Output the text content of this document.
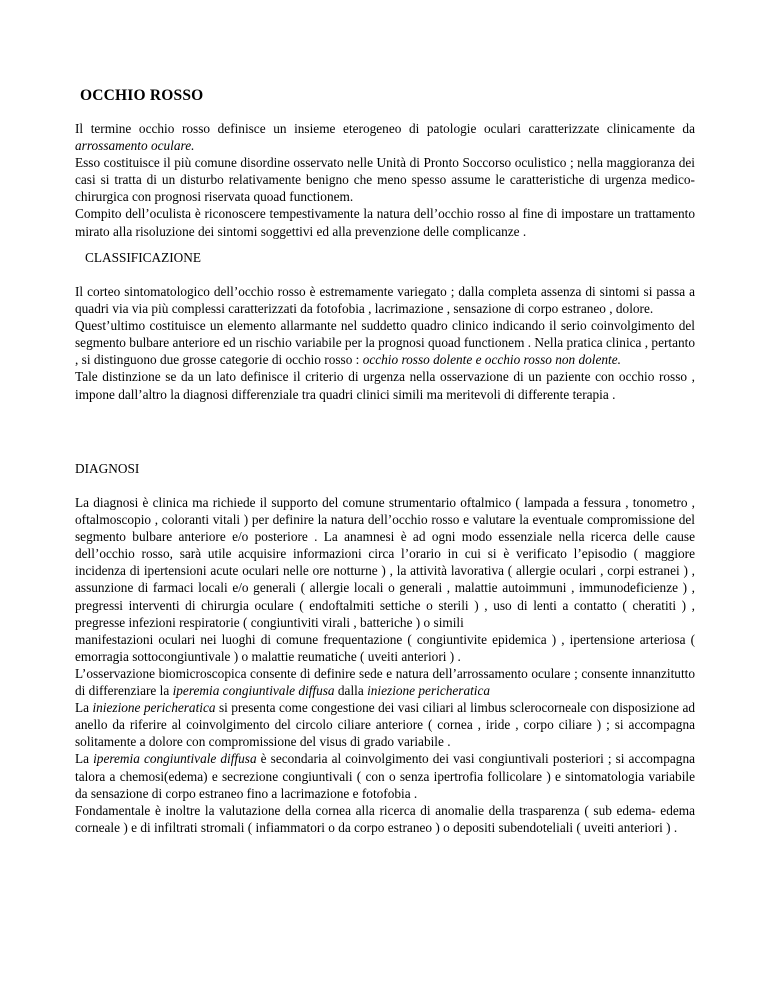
OCCHIO ROSSO
Il termine occhio rosso definisce un insieme eterogeneo di patologie oculari caratterizzate clinicamente da arrossamento oculare.
Esso costituisce il più comune disordine osservato nelle Unità di Pronto Soccorso oculistico ; nella maggioranza dei casi si tratta di un disturbo relativamente benigno che meno spesso assume le caratteristiche di urgenza medico-chirurgica con prognosi riservata quoad functionem.
Compito dell’oculista è riconoscere tempestivamente la natura dell’occhio rosso al fine di impostare un trattamento mirato alla risoluzione dei sintomi soggettivi ed alla prevenzione delle complicanze .
CLASSIFICAZIONE
Il corteo sintomatologico dell’occhio rosso è estremamente variegato ; dalla completa assenza di sintomi si passa a quadri via via più complessi caratterizzati da fotofobia , lacrimazione , sensazione di corpo estraneo , dolore.
Quest’ultimo costituisce un elemento allarmante nel suddetto quadro clinico indicando il serio coinvolgimento del segmento bulbare anteriore ed un rischio variabile per la prognosi quoad functionem . Nella pratica clinica , pertanto , si distinguono due grosse categorie di occhio rosso : occhio rosso dolente e occhio rosso non dolente.
Tale distinzione se da un lato definisce il criterio di urgenza nella osservazione di un paziente con occhio rosso , impone dall’altro la diagnosi differenziale tra quadri clinici simili ma meritevoli di differente terapia .
DIAGNOSI
La diagnosi è clinica ma richiede il supporto del comune strumentario oftalmico ( lampada a fessura , tonometro , oftalmoscopio , coloranti vitali ) per definire la natura dell’occhio rosso e valutare la eventuale compromissione del segmento bulbare anteriore e/o posteriore . La anamnesi è ad ogni modo essenziale nella ricerca delle cause dell’occhio rosso, sarà utile acquisire informazioni circa l’orario in cui si è verificato l’episodio ( maggiore incidenza di ipertensioni acute oculari nelle ore notturne ) , la attività lavorativa ( allergie oculari , corpi estranei ) , assunzione di farmaci locali e/o generali ( allergie locali o generali , malattie autoimmuni , immunodeficienze ) , pregressi interventi di chirurgia oculare ( endoftalmiti settiche o sterili ) , uso di lenti a contatto ( cheratiti ) , pregresse infezioni respiratorie ( congiuntiviti virali , batteriche ) o simili
manifestazioni oculari nei luoghi di comune frequentazione ( congiuntivite epidemica ) , ipertensione arteriosa ( emorragia sottocongiuntivale ) o malattie reumatiche ( uveiti anteriori ) .
L’osservazione biomicroscopica consente di definire sede e natura dell’arrossamento oculare ; consente innanzitutto di differenziare la iperemia congiuntivale diffusa dalla iniezione pericheratica
La iniezione pericheratica si presenta come congestione dei vasi ciliari al limbus sclerocorneale con disposizione ad anello da riferire al coinvolgimento del circolo ciliare anteriore ( cornea , iride , corpo ciliare ) ; si accompagna solitamente a dolore con compromissione del visus di grado variabile .
La iperemia congiuntivale diffusa è secondaria al coinvolgimento dei vasi congiuntivali posteriori ; si accompagna talora a chemosi(edema) e secrezione congiuntivali ( con o senza ipertrofia follicolare ) e sintomatologia variabile da sensazione di corpo estraneo fino a lacrimazione e fotofobia .
Fondamentale è inoltre la valutazione della cornea alla ricerca di anomalie della trasparenza ( sub edema- edema corneale ) e di infiltrati stromali ( infiammatori o da corpo estraneo ) o depositi subendoteliali ( uveiti anteriori ) .
